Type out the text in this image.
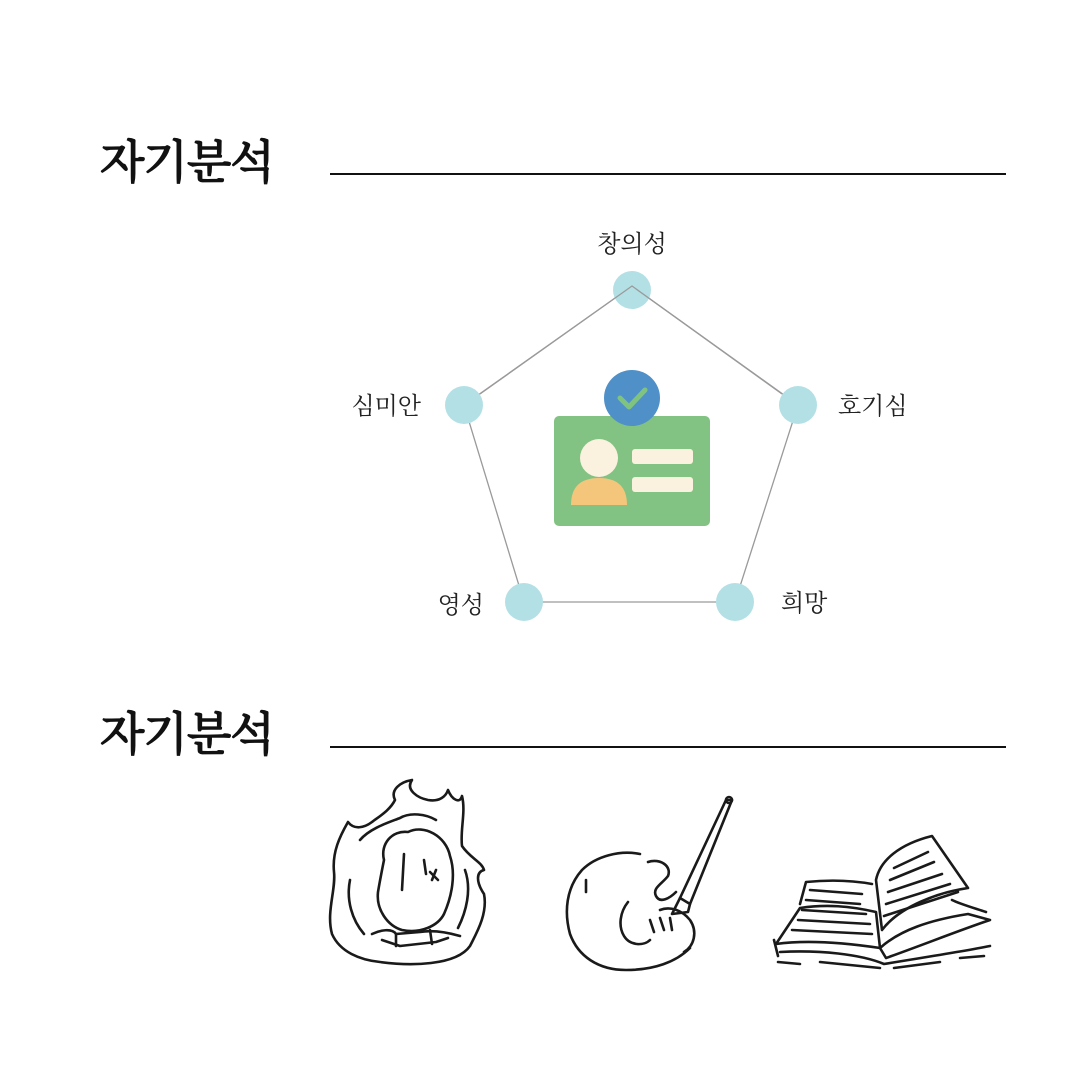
자기분석
창의성
호기심
희망
영성
심미안
자기분석
